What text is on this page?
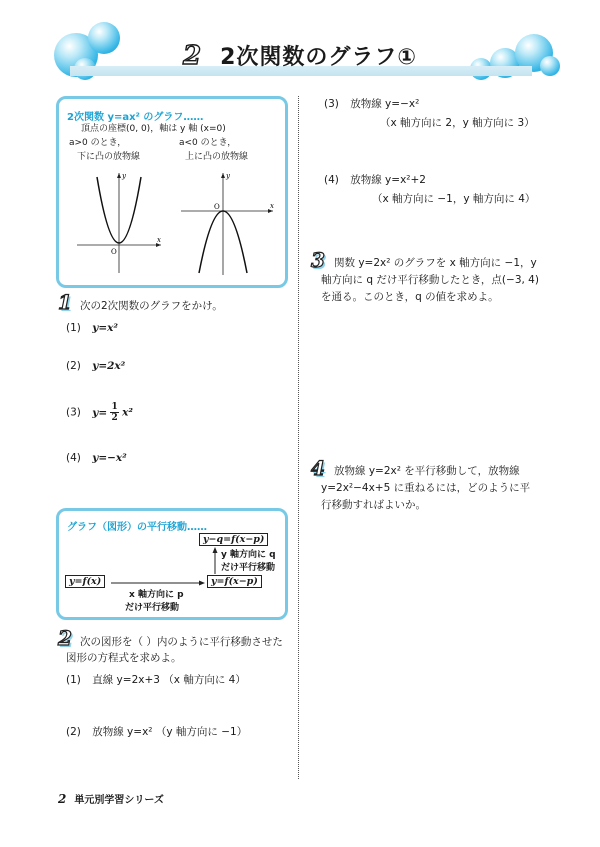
2 2次関数のグラフ①
2次関数 y=ax² のグラフ……
頂点の座標(0, 0)，軸は y 軸 (x=0)
a>0 のとき，
下に凸の放物線
a<0 のとき，
上に凸の放物線
y
x
O
y
x
O
1 次の2次関数のグラフをかけ。
(1) y=x²
(2) y=2x²
(3) $y= \frac{1}{2} x^2$
(4) y=−x²
グラフ（図形）の平行移動……
y−q=f(x−p)
y 軸方向に q
だけ平行移動
y=f(x)	y=f(x−p)
x 軸方向に p
だけ平行移動
2 次の図形を（ ）内のように平行移動させた
図形の方程式を求めよ。
(1) 直線 y=2x+3 （x 軸方向に 4）
(2) 放物線 y=x² （y 軸方向に −1）
(3) 放物線 y=−x²
（x 軸方向に 2，y 軸方向に 3）
(4) 放物線 y=x²+2
（x 軸方向に −1，y 軸方向に 4）
3 関数 y=2x² のグラフを x 軸方向に −1，y
軸方向に q だけ平行移動したとき，点(−3, 4)
を通る。このとき，q の値を求めよ。
4 放物線 y=2x² を平行移動して，放物線
y=2x²−4x+5 に重ねるには，どのように平
行移動すればよいか。
2 単元別学習シリーズ
